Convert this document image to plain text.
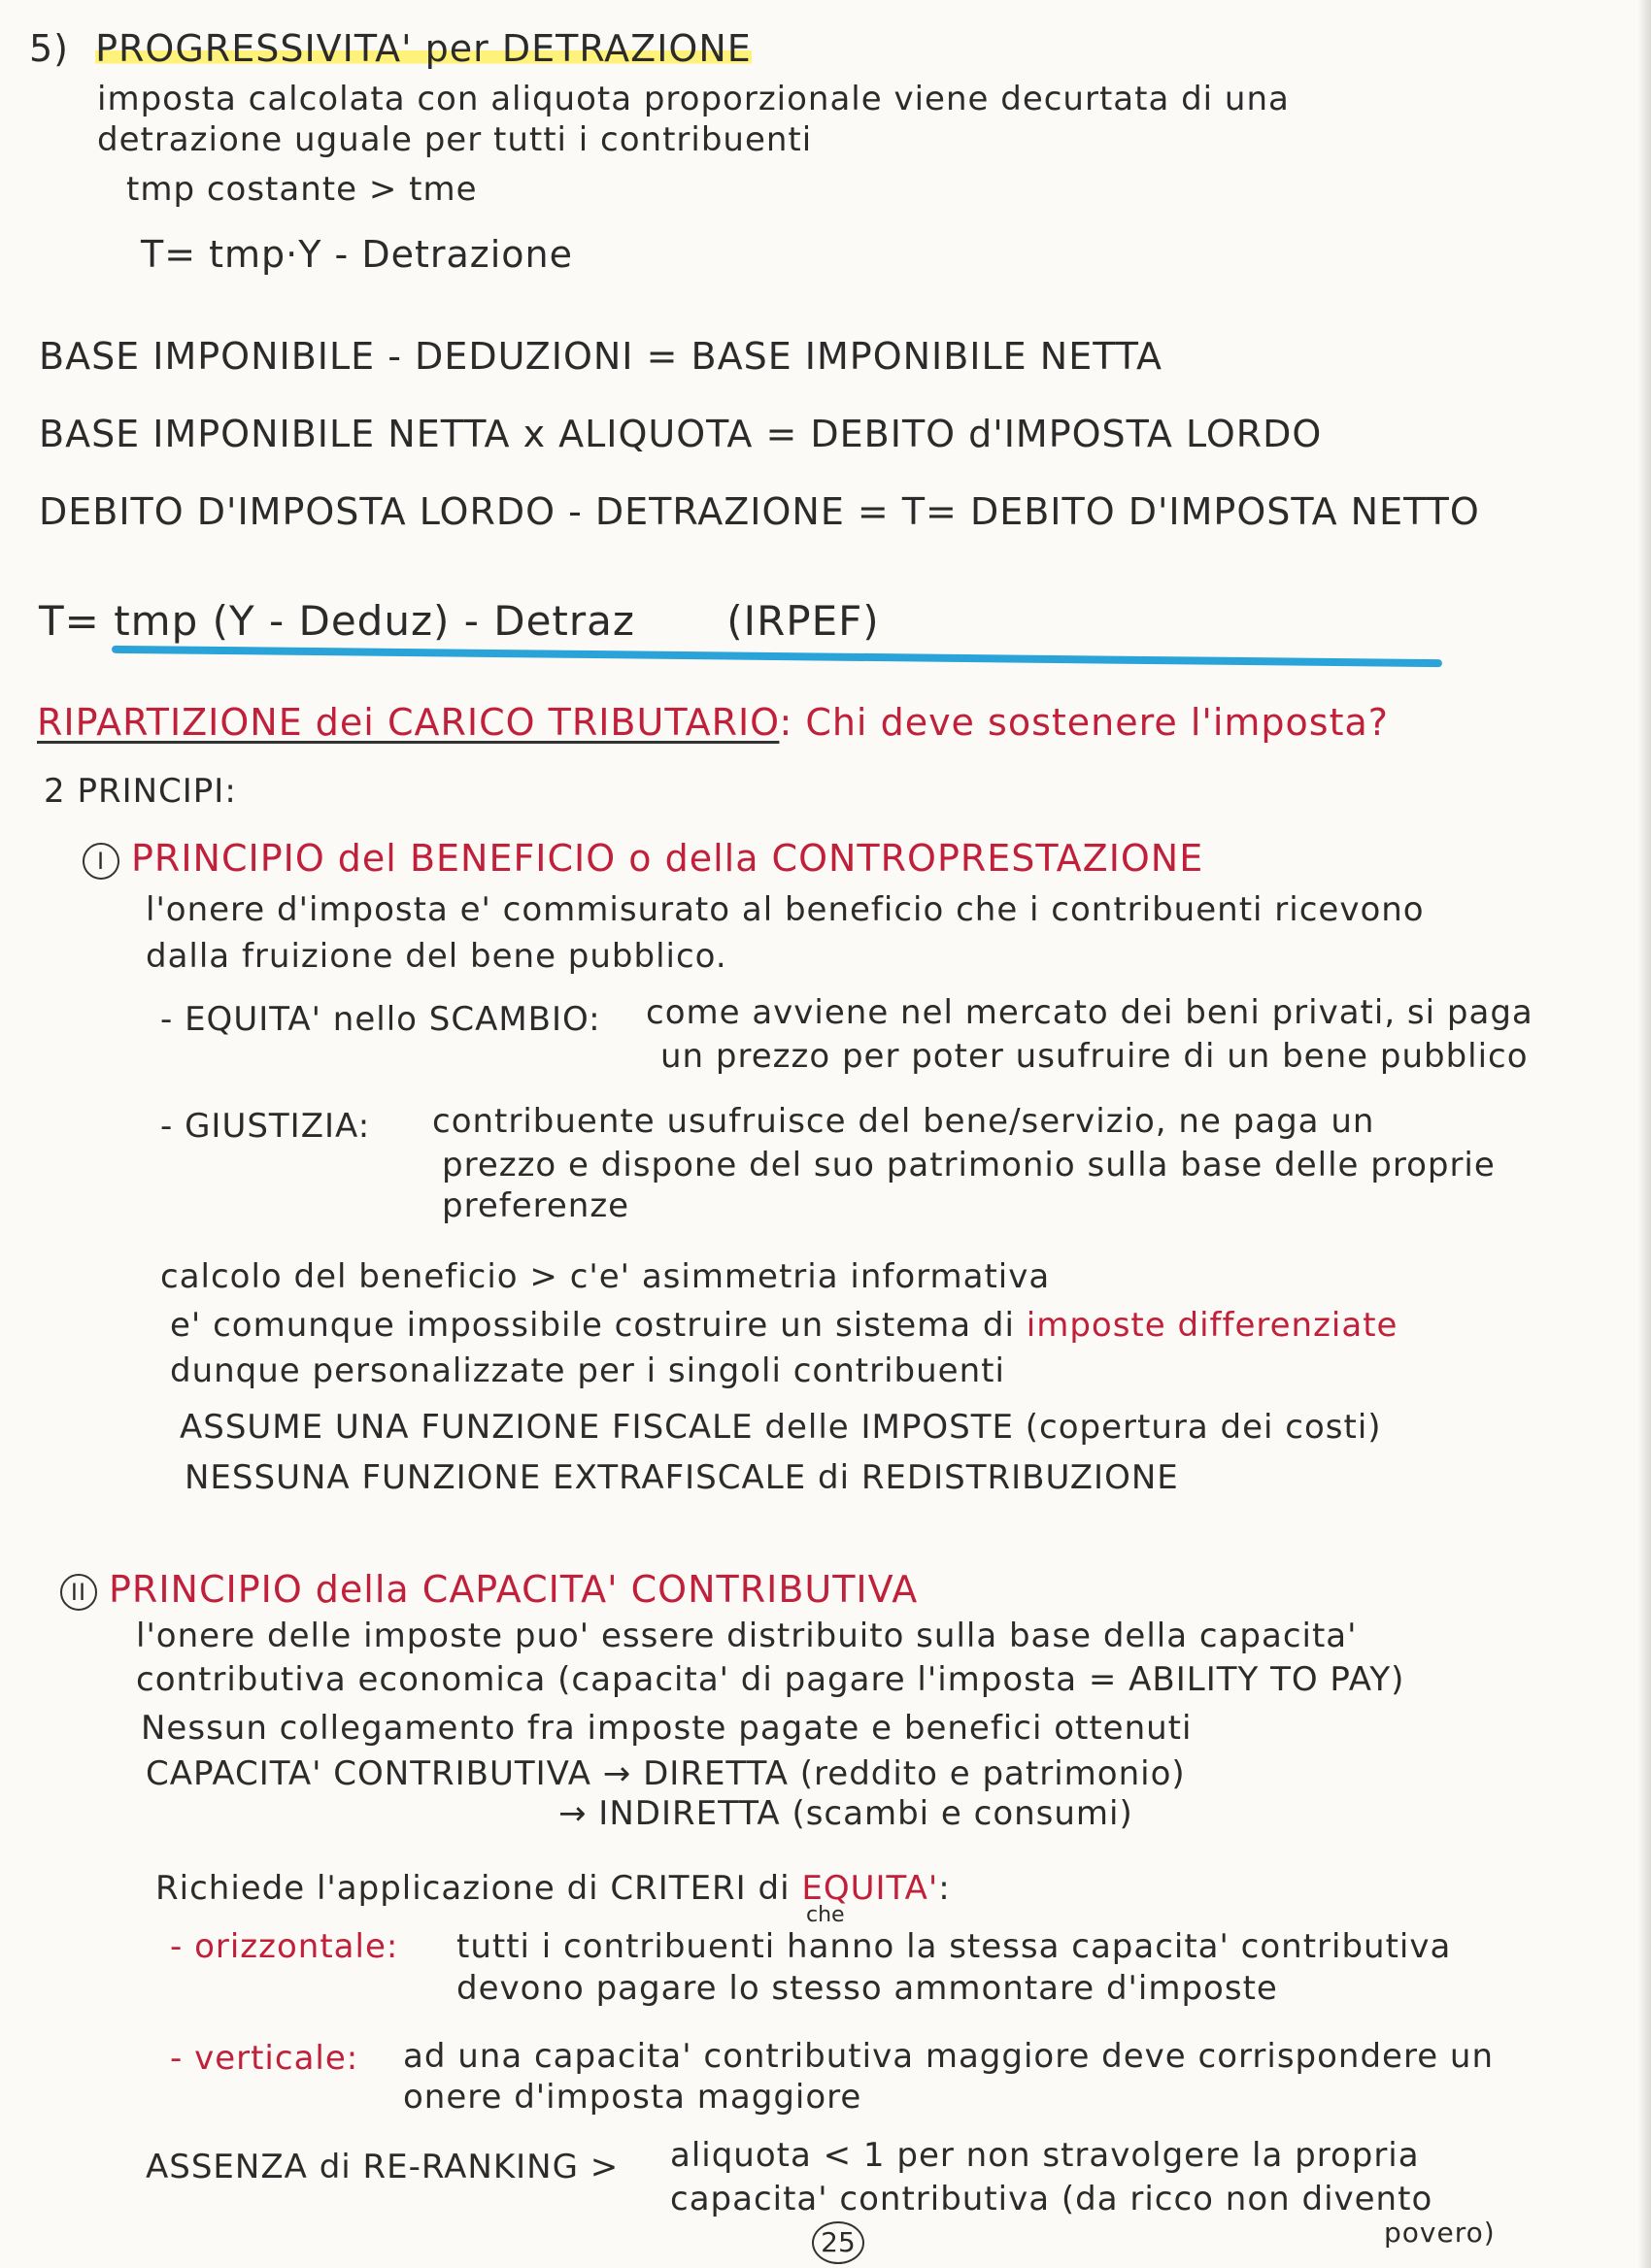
5) PROGRESSIVITA' per DETRAZIONE
imposta calcolata con aliquota proporzionale viene decurtata di una
detrazione uguale per tutti i contribuenti
tmp costante > tme
T= tmp·Y - Detrazione
BASE IMPONIBILE - DEDUZIONI = BASE IMPONIBILE NETTA
BASE IMPONIBILE NETTA x ALIQUOTA = DEBITO d'IMPOSTA LORDO
DEBITO D'IMPOSTA LORDO - DETRAZIONE = T= DEBITO D'IMPOSTA NETTO
T= tmp (Y - Deduz) - Detraz (IRPEF)
RIPARTIZIONE dei CARICO TRIBUTARIO: Chi deve sostenere l'imposta?
2 PRINCIPI:
I PRINCIPIO del BENEFICIO o della CONTROPRESTAZIONE
l'onere d'imposta e' commisurato al beneficio che i contribuenti ricevono
dalla fruizione del bene pubblico.
- EQUITA' nello SCAMBIO: come avviene nel mercato dei beni privati, si paga
un prezzo per poter usufruire di un bene pubblico
- GIUSTIZIA: contribuente usufruisce del bene/servizio, ne paga un
prezzo e dispone del suo patrimonio sulla base delle proprie
preferenze
calcolo del beneficio > c'e' asimmetria informativa
e' comunque impossibile costruire un sistema di imposte differenziate
dunque personalizzate per i singoli contribuenti
ASSUME UNA FUNZIONE FISCALE delle IMPOSTE (copertura dei costi)
NESSUNA FUNZIONE EXTRAFISCALE di REDISTRIBUZIONE
II PRINCIPIO della CAPACITA' CONTRIBUTIVA
l'onere delle imposte puo' essere distribuito sulla base della capacita'
contributiva economica (capacita' di pagare l'imposta = ABILITY TO PAY)
Nessun collegamento fra imposte pagate e benefici ottenuti
CAPACITA' CONTRIBUTIVA → DIRETTA (reddito e patrimonio)
→ INDIRETTA (scambi e consumi)
Richiede l'applicazione di CRITERI di EQUITA':
- orizzontale:
che
tutti i contribuenti hanno la stessa capacita' contributiva
devono pagare lo stesso ammontare d'imposte
- verticale: ad una capacita' contributiva maggiore deve corrispondere un
onere d'imposta maggiore
ASSENZA di RE-RANKING > aliquota < 1 per non stravolgere la propria
capacita' contributiva (da ricco non divento
povero)
25
